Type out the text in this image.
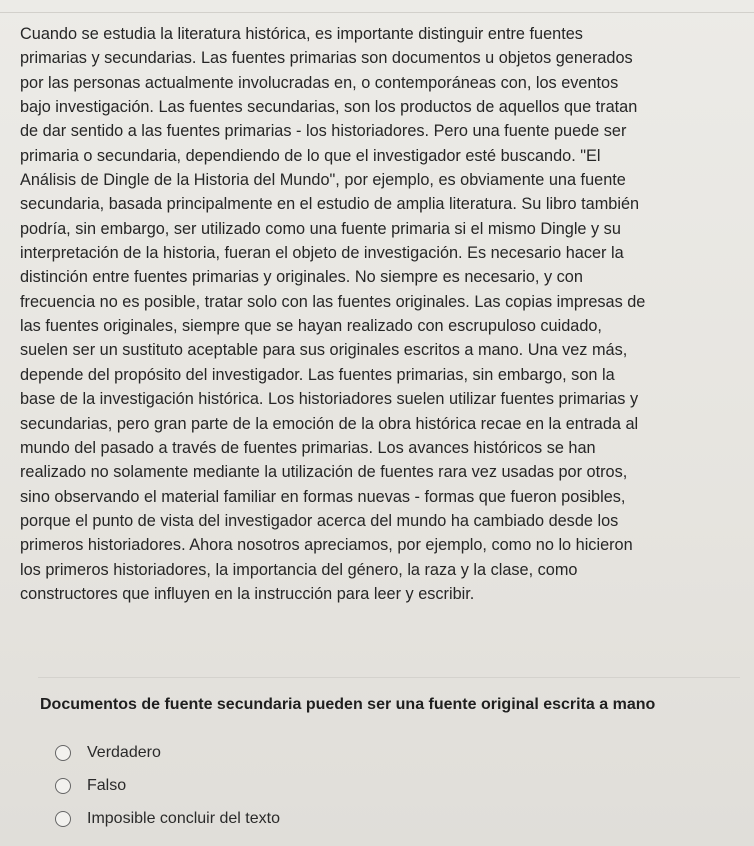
Cuando se estudia la literatura histórica, es importante distinguir entre fuentes
primarias y secundarias. Las fuentes primarias son documentos u objetos generados
por las personas actualmente involucradas en, o contemporáneas con, los eventos
bajo investigación. Las fuentes secundarias, son los productos de aquellos que tratan
de dar sentido a las fuentes primarias - los historiadores. Pero una fuente puede ser
primaria o secundaria, dependiendo de lo que el investigador esté buscando. "El
Análisis de Dingle de la Historia del Mundo", por ejemplo, es obviamente una fuente
secundaria, basada principalmente en el estudio de amplia literatura. Su libro también
podría, sin embargo, ser utilizado como una fuente primaria si el mismo Dingle y su
interpretación de la historia, fueran el objeto de investigación. Es necesario hacer la
distinción entre fuentes primarias y originales. No siempre es necesario, y con
frecuencia no es posible, tratar solo con las fuentes originales. Las copias impresas de
las fuentes originales, siempre que se hayan realizado con escrupuloso cuidado,
suelen ser un sustituto aceptable para sus originales escritos a mano. Una vez más,
depende del propósito del investigador. Las fuentes primarias, sin embargo, son la
base de la investigación histórica. Los historiadores suelen utilizar fuentes primarias y
secundarias, pero gran parte de la emoción de la obra histórica recae en la entrada al
mundo del pasado a través de fuentes primarias. Los avances históricos se han
realizado no solamente mediante la utilización de fuentes rara vez usadas por otros,
sino observando el material familiar en formas nuevas - formas que fueron posibles,
porque el punto de vista del investigador acerca del mundo ha cambiado desde los
primeros historiadores. Ahora nosotros apreciamos, por ejemplo, como no lo hicieron
los primeros historiadores, la importancia del género, la raza y la clase, como
constructores que influyen en la instrucción para leer y escribir.
Documentos de fuente secundaria pueden ser una fuente original escrita a mano
Verdadero
Falso
Imposible concluir del texto
